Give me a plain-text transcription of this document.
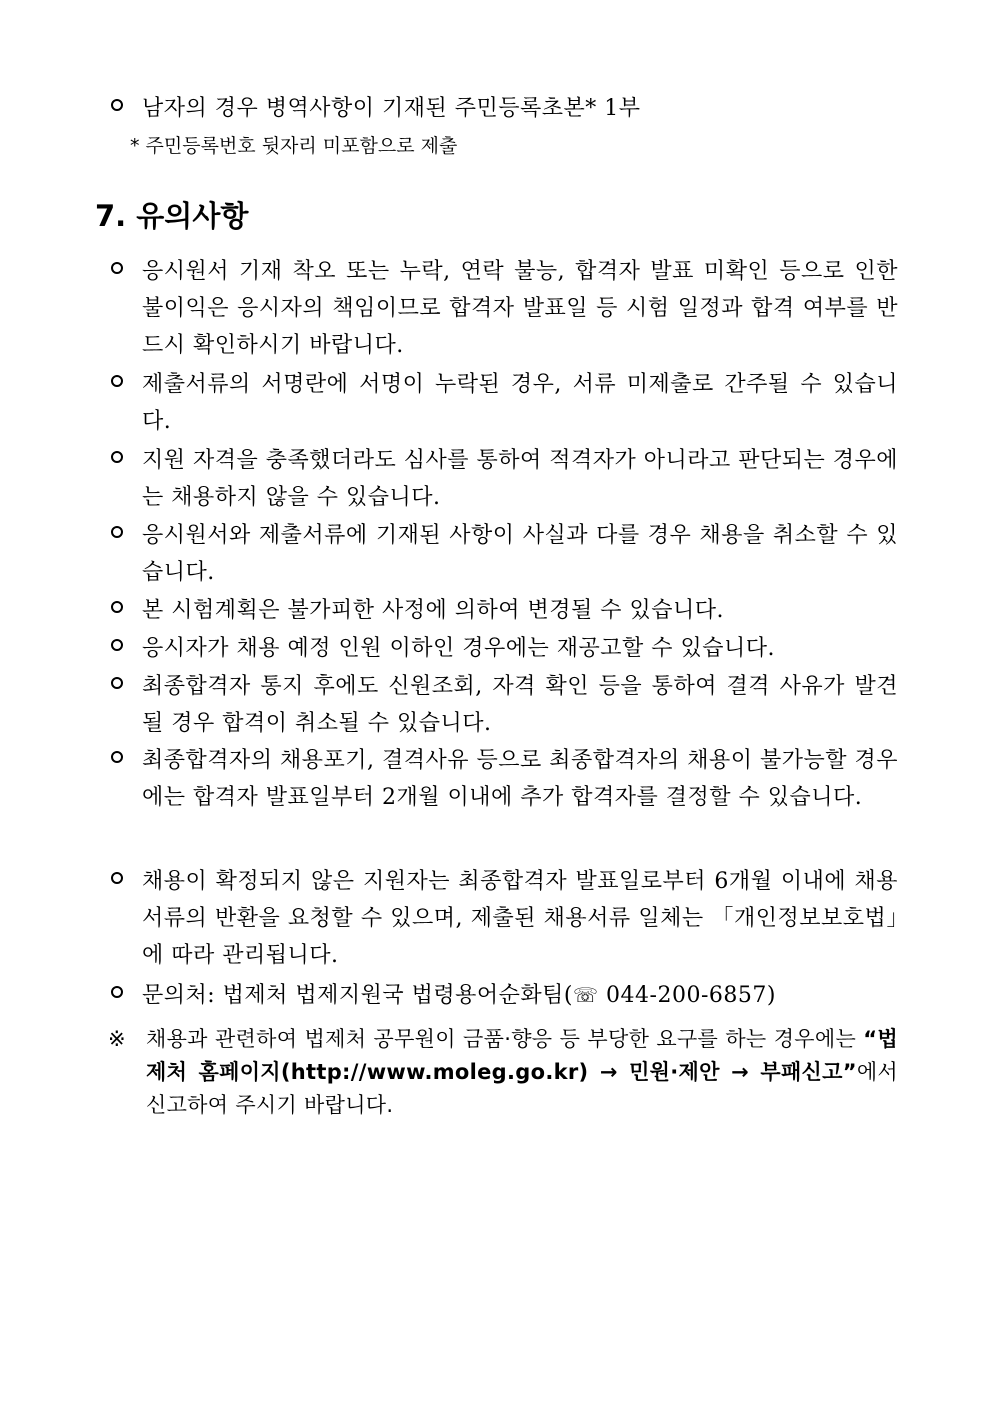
남자의 경우 병역사항이 기재된 주민등록초본* 1부
* 주민등록번호 뒷자리 미포함으로 제출
7. 유의사항
응시원서 기재 착오 또는 누락, 연락 불능, 합격자 발표 미확인 등으로 인한 불이익은 응시자의 책임이므로 합격자 발표일 등 시험 일정과 합격 여부를 반드시 확인하시기 바랍니다.
제출서류의 서명란에 서명이 누락된 경우, 서류 미제출로 간주될 수 있습니다.
지원 자격을 충족했더라도 심사를 통하여 적격자가 아니라고 판단되는 경우에는 채용하지 않을 수 있습니다.
응시원서와 제출서류에 기재된 사항이 사실과 다를 경우 채용을 취소할 수 있습니다.
본 시험계획은 불가피한 사정에 의하여 변경될 수 있습니다.
응시자가 채용 예정 인원 이하인 경우에는 재공고할 수 있습니다.
최종합격자 통지 후에도 신원조회, 자격 확인 등을 통하여 결격 사유가 발견될 경우 합격이 취소될 수 있습니다.
최종합격자의 채용포기, 결격사유 등으로 최종합격자의 채용이 불가능할 경우에는 합격자 발표일부터 2개월 이내에 추가 합격자를 결정할 수 있습니다.
채용이 확정되지 않은 지원자는 최종합격자 발표일로부터 6개월 이내에 채용서류의 반환을 요청할 수 있으며, 제출된 채용서류 일체는 「개인정보보호법」에 따라 관리됩니다.
문의처: 법제처 법제지원국 법령용어순화팀(☏ 044-200-6857)
※ 채용과 관련하여 법제처 공무원이 금품·향응 등 부당한 요구를 하는 경우에는 “법제처 홈페이지(http://www.moleg.go.kr) → 민원·제안 → 부패신고”에서 신고하여 주시기 바랍니다.
